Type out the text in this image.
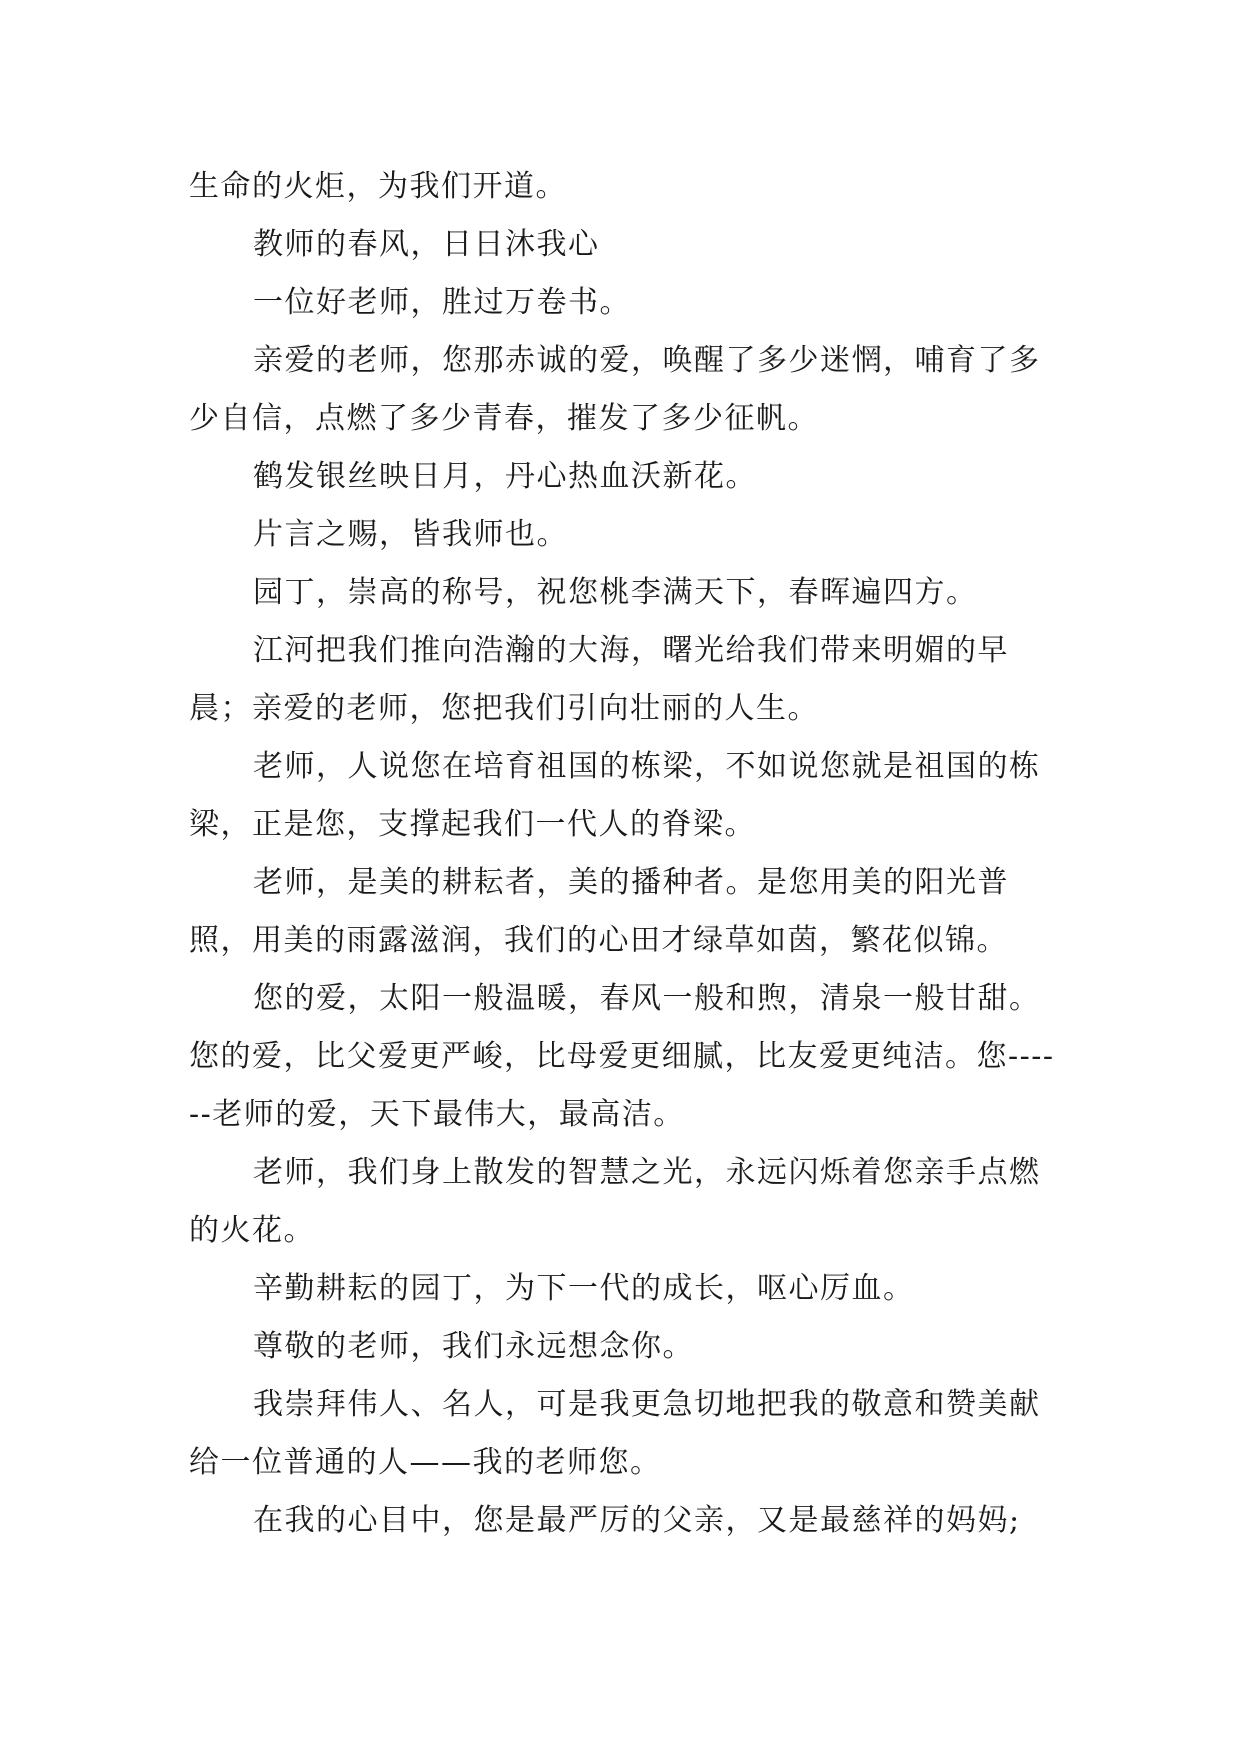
生命的火炬，为我们开道。

教师的春风，日日沐我心

一位好老师，胜过万卷书。

亲爱的老师，您那赤诚的爱，唤醒了多少迷惘，哺育了多少自信，点燃了多少青春，摧发了多少征帆。

鹤发银丝映日月，丹心热血沃新花。

片言之赐，皆我师也。

园丁，崇高的称号，祝您桃李满天下，春晖遍四方。

江河把我们推向浩瀚的大海，曙光给我们带来明媚的早晨；亲爱的老师，您把我们引向壮丽的人生。

老师，人说您在培育祖国的栋梁，不如说您就是祖国的栋梁，正是您，支撑起我们一代人的脊梁。

老师，是美的耕耘者，美的播种者。是您用美的阳光普照，用美的雨露滋润，我们的心田才绿草如茵，繁花似锦。

您的爱，太阳一般温暖，春风一般和煦，清泉一般甘甜。您的爱，比父爱更严峻，比母爱更细腻，比友爱更纯洁。您------老师的爱，天下最伟大，最高洁。

老师，我们身上散发的智慧之光，永远闪烁着您亲手点燃的火花。

辛勤耕耘的园丁，为下一代的成长，呕心厉血。

尊敬的老师，我们永远想念你。

我崇拜伟人、名人，可是我更急切地把我的敬意和赞美献给一位普通的人——我的老师您。

在我的心目中，您是最严厉的父亲，又是最慈祥的妈妈;
